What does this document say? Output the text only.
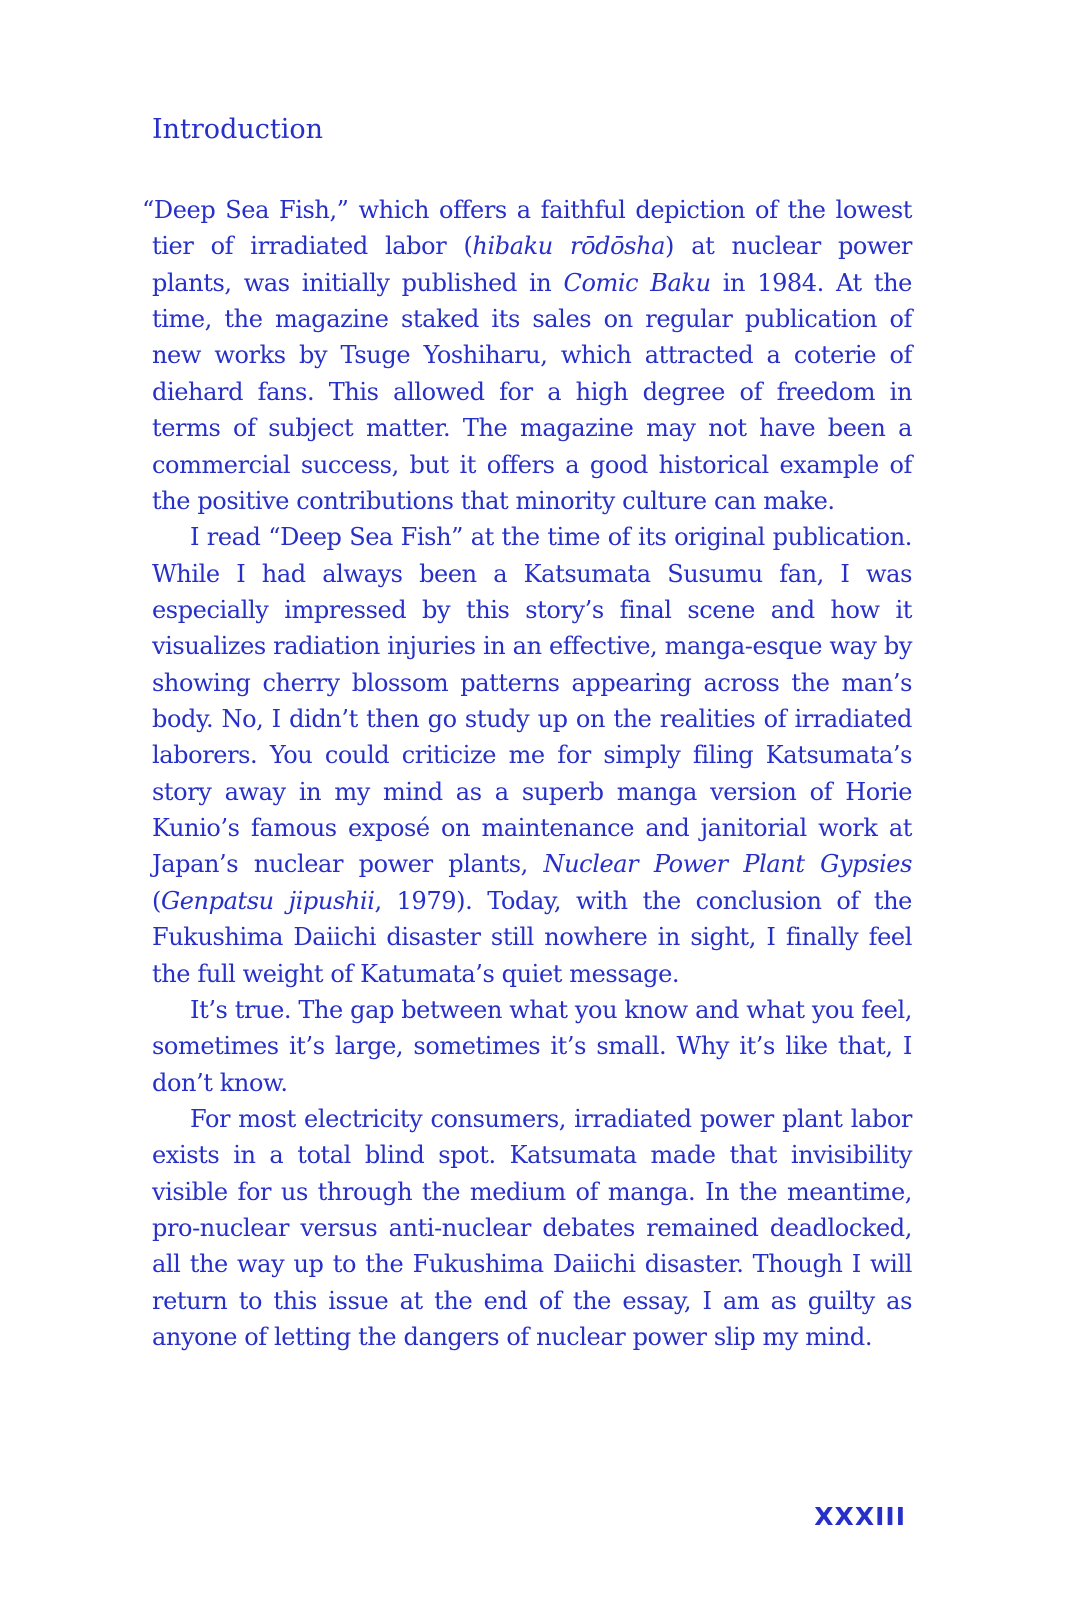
Introduction

“Deep Sea Fish,” which offers a faithful depiction of the lowest tier of irradiated labor (hibaku rōdōsha) at nuclear power plants, was initially published in Comic Baku in 1984. At the time, the magazine staked its sales on regular publication of new works by Tsuge Yoshiharu, which attracted a coterie of diehard fans. This allowed for a high degree of freedom in terms of subject matter. The magazine may not have been a commercial success, but it offers a good historical example of the positive contributions that minority culture can make.

I read “Deep Sea Fish” at the time of its original publication. While I had always been a Katsumata Susumu fan, I was especially impressed by this story’s final scene and how it visualizes radiation injuries in an effective, manga-esque way by showing cherry blossom patterns appearing across the man’s body. No, I didn’t then go study up on the realities of irradiated laborers. You could criticize me for simply filing Katsumata’s story away in my mind as a superb manga version of Horie Kunio’s famous exposé on maintenance and janitorial work at Japan’s nuclear power plants, Nuclear Power Plant Gypsies (Genpatsu jipushii, 1979). Today, with the conclusion of the Fukushima Daiichi disaster still nowhere in sight, I finally feel the full weight of Katumata’s quiet message.

It’s true. The gap between what you know and what you feel, sometimes it’s large, sometimes it’s small. Why it’s like that, I don’t know.

For most electricity consumers, irradiated power plant labor exists in a total blind spot. Katsumata made that invisibility visible for us through the medium of manga. In the meantime, pro-nuclear versus anti-nuclear debates remained deadlocked, all the way up to the Fukushima Daiichi disaster. Though I will return to this issue at the end of the essay, I am as guilty as anyone of letting the dangers of nuclear power slip my mind.

XXXIII
